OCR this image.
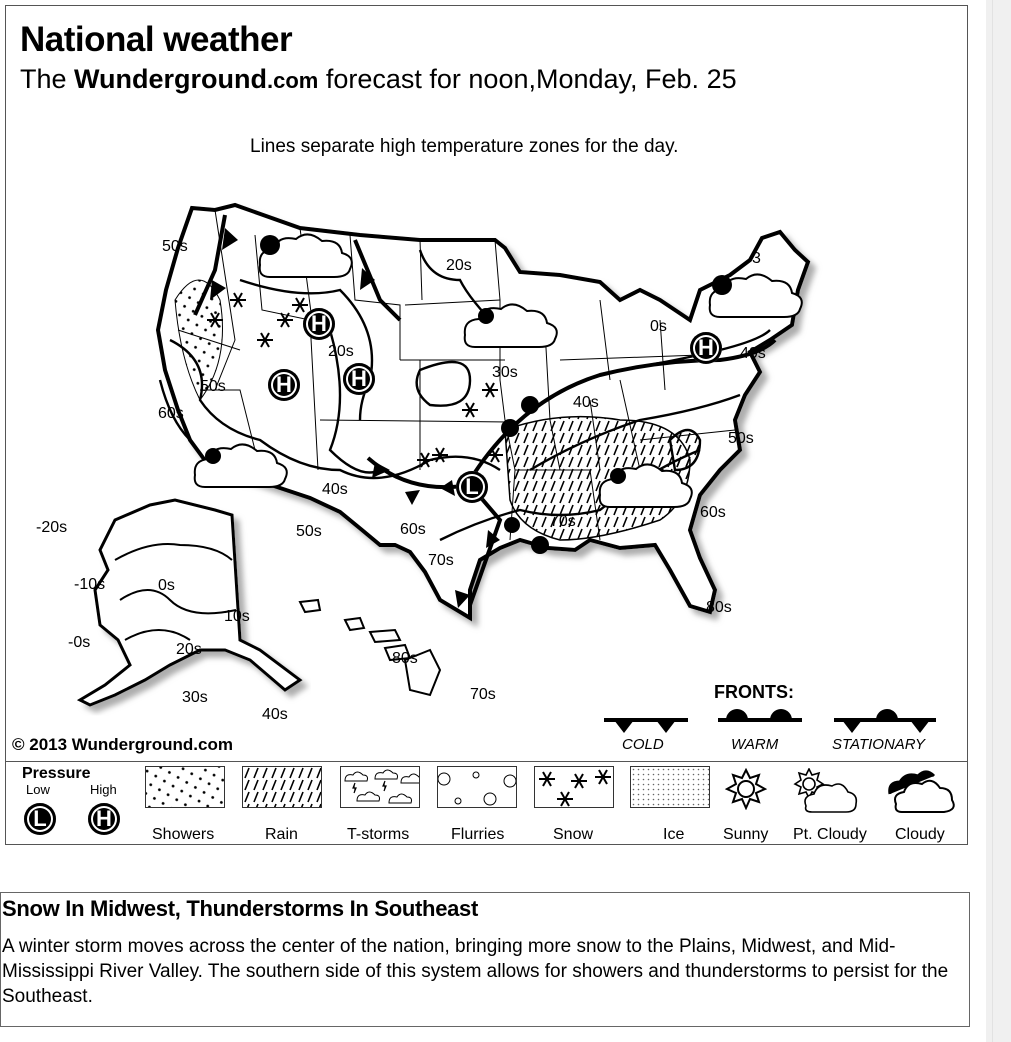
National weather
The Wunderground.com forecast for noon,Monday, Feb. 25
Lines separate high temperature zones for the day.
H
H	H
H
L
50s
20s	3
20s
50s
60s
30s
40s
0s
50s
60s
40s
50s
40s
70s
60s
70s
80s
-20s
-10s	0s
-0s
10s
20s
80s
30s
40s
70s
© 2013 Wunderground.com
FRONTS:
COLD	WARM	STATIONARY
Pressure
Low	High
L	H
Showers	Rain	T-storms	Flurries	Snow	Ice Sunny Pt. Cloudy Cloudy
Snow In Midwest, Thunderstorms In Southeast
A winter storm moves across the center of the nation, bringing more snow to the Plains, Midwest, and Mid-Mississippi River Valley. The southern side of this system allows for showers and thunderstorms to persist for the Southeast.
